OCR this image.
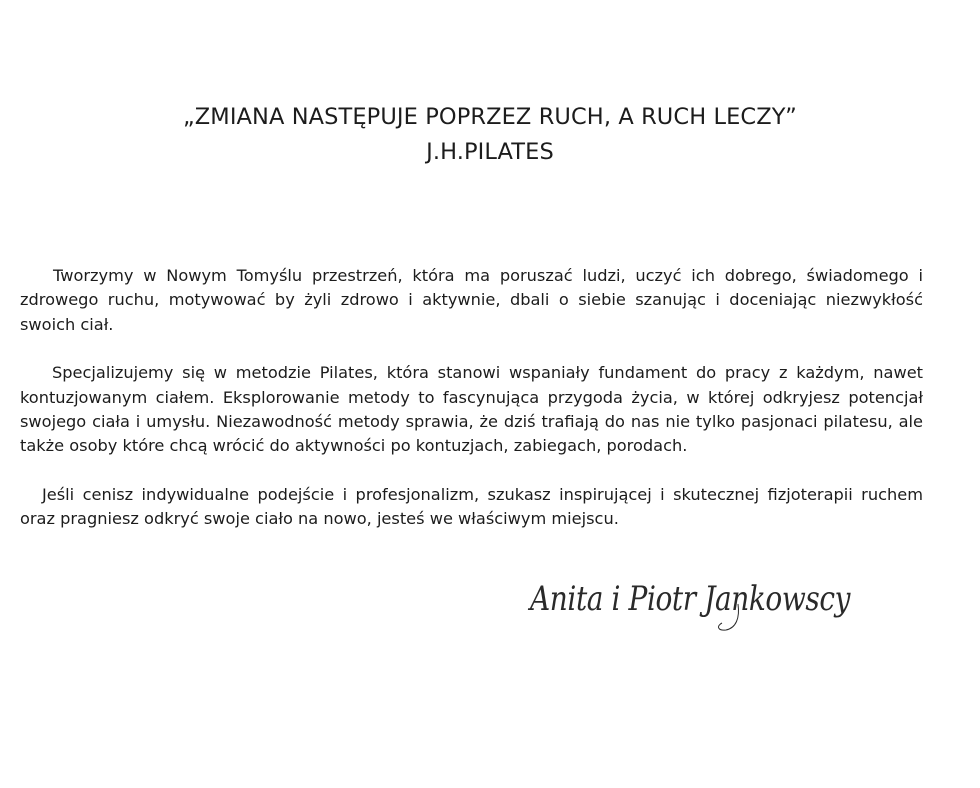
„ZMIANA NASTĘPUJE POPRZEZ RUCH, A RUCH LECZY”
J.H.PILATES

Tworzymy w Nowym Tomyślu przestrzeń, która ma poruszać ludzi, uczyć ich dobrego, świadomego i zdrowego ruchu, motywować by żyli zdrowo i aktywnie, dbali o siebie szanując i doceniając niezwykłość swoich ciał.

Specjalizujemy się w metodzie Pilates, która stanowi wspaniały fundament do pracy z każdym, nawet kontuzjowanym ciałem. Eksplorowanie metody to fascynująca przygoda życia, w której odkryjesz potencjał swojego ciała i umysłu. Niezawodność metody sprawia, że dziś trafiają do nas nie tylko pasjonaci pilatesu, ale także osoby które chcą wrócić do aktywności po kontuzjach, zabiegach, porodach.

Jeśli cenisz indywidualne podejście i profesjonalizm, szukasz inspirującej i skutecznej fizjoterapii ruchem oraz pragniesz odkryć swoje ciało na nowo, jesteś we właściwym miejscu.

Anita i Piotr Jankowscy
